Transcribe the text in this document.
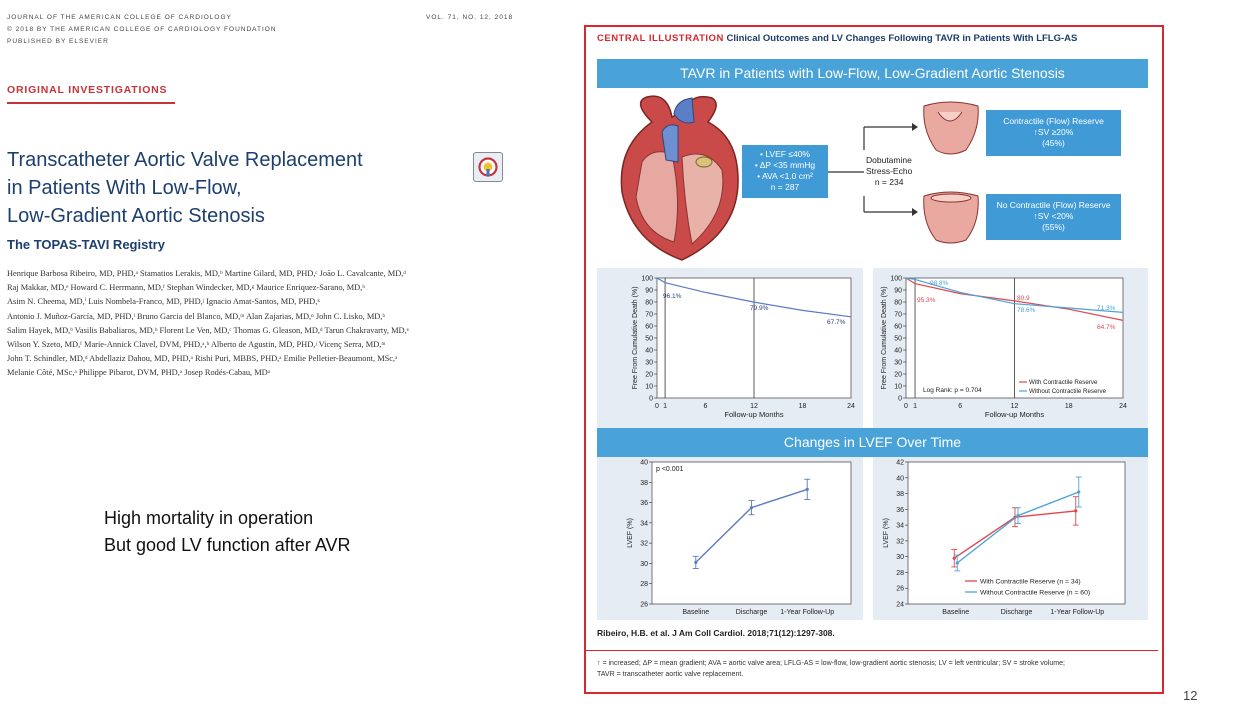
JOURNAL OF THE AMERICAN COLLEGE OF CARDIOLOGY
© 2018 BY THE AMERICAN COLLEGE OF CARDIOLOGY FOUNDATION
PUBLISHED BY ELSEVIER
VOL. 71, NO. 12, 2018
ORIGINAL INVESTIGATIONS
Transcatheter Aortic Valve Replacement
in Patients With Low-Flow,
Low-Gradient Aortic Stenosis
The TOPAS-TAVI Registry
Henrique Barbosa Ribeiro, MD, PHD,ᵃ Stamatios Lerakis, MD,ᵇ Martine Gilard, MD, PHD,ᶜ João L. Cavalcante, MD,ᵈ
Raj Makkar, MD,ᵉ Howard C. Herrmann, MD,ᶠ Stephan Windecker, MD,ᵍ Maurice Enriquez-Sarano, MD,ʰ
Asim N. Cheema, MD,ⁱ Luis Nombela-Franco, MD, PHD,ʲ Ignacio Amat-Santos, MD, PHD,ᵏ
Antonio J. Muñoz-García, MD, PHD,ˡ Bruno Garcia del Blanco, MD,ᵐ Alan Zajarias, MD,ⁿ John C. Lisko, MD,ᵇ
Salim Hayek, MD,ᵇ Vasilis Babaliaros, MD,ᵇ Florent Le Ven, MD,ᶜ Thomas G. Gleason, MD,ᵈ Tarun Chakravarty, MD,ᵉ
Wilson Y. Szeto, MD,ᶠ Marie-Annick Clavel, DVM, PHD,ᵃ,ʰ Alberto de Agustin, MD, PHD,ʲ Vicenç Serra, MD,ᵐ
John T. Schindler, MD,ᵈ Abdellaziz Dahou, MD, PHD,ᵃ Rishi Puri, MBBS, PHD,ᵃ Emilie Pelletier-Beaumont, MSc,ᵃ
Melanie Côté, MSc,ᵃ Philippe Pibarot, DVM, PHD,ᵃ Josep Rodés-Cabau, MDᵃ
High mortality in operation
But good LV function after AVR
CENTRAL ILLUSTRATION Clinical Outcomes and LV Changes Following TAVR in Patients With LFLG-AS
TAVR in Patients with Low-Flow, Low-Gradient Aortic Stenosis
• LVEF ≤40%
• ΔP <35 mmHg
• AVA <1.0 cm²
n = 287
Dobutamine
Stress-Echo
n = 234
Contractile (Flow) Reserve
↑SV ≥20%
(45%)
No Contractile (Flow) Reserve
↑SV <20%
(55%)
0
10
20
30
40
50
60
70
80
90
100
0 1	6	12	18	24
Follow-up Months
Free From Cumulative Death (%)	96.1%
79.9%
67.7%
0
10
20
30
40
50
60
70
80
90
100
0 1	6	12	18	24
Follow-up Months
Free From Cumulative Death (%)
98.8%
95.3%	80.9
78.6%	71.3%
64.7%
Log Rank: p = 0.704
With Contractile Reserve
Without Contractile Reserve
Changes in LVEF Over Time
26
28
30
32
34
36
38
40
Baseline	Discharge 1-Year Follow-Up
LVEF (%)
p <0.001
24
26
28
30
32
34
36
38
40
42
Baseline	Discharge	1-Year Follow-Up
LVEF (%)
With Contractile Reserve (n = 34)
Without Contractile Reserve (n = 60)
Ribeiro, H.B. et al. J Am Coll Cardiol. 2018;71(12):1297-308.
↑ = increased; ΔP = mean gradient; AVA = aortic valve area; LFLG-AS = low-flow, low-gradient aortic stenosis; LV = left ventricular; SV = stroke volume;
TAVR = transcatheter aortic valve replacement.
12
